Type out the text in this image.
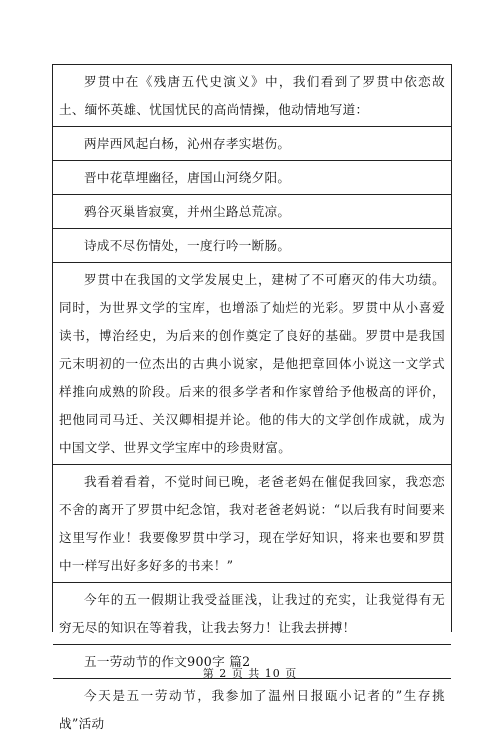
罗贯中在《残唐五代史演义》中，我们看到了罗贯中依恋故土、缅怀英雄、忧国忧民的高尚情操，他动情地写道：
两岸西风起白杨，沁州存孝实堪伤。
晋中花草埋幽径，唐国山河绕夕阳。
鸦谷灭巢皆寂寞，并州尘路总荒凉。
诗成不尽伤情处，一度行吟一断肠。
罗贯中在我国的文学发展史上，建树了不可磨灭的伟大功绩。同时，为世界文学的宝库，也增添了灿烂的光彩。罗贯中从小喜爱读书，博治经史，为后来的创作奠定了良好的基础。罗贯中是我国元末明初的一位杰出的古典小说家，是他把章回体小说这一文学式样推向成熟的阶段。后来的很多学者和作家曾给予他极高的评价，把他同司马迁、关汉卿相提并论。他的伟大的文学创作成就，成为中国文学、世界文学宝库中的珍贵财富。
我看着看着，不觉时间已晚，老爸老妈在催促我回家，我恋恋不舍的离开了罗贯中纪念馆，我对老爸老妈说：“以后我有时间要来这里写作业！我要像罗贯中学习，现在学好知识，将来也要和罗贯中一样写出好多好多的书来！”
今年的五一假期让我受益匪浅，让我过的充实，让我觉得有无穷无尽的知识在等着我，让我去努力！让我去拼搏！
五一劳动节的作文900字 篇2
今天是五一劳动节，我参加了温州日报瓯小记者的”生存挑战”活动
第 2 页 共 10 页
